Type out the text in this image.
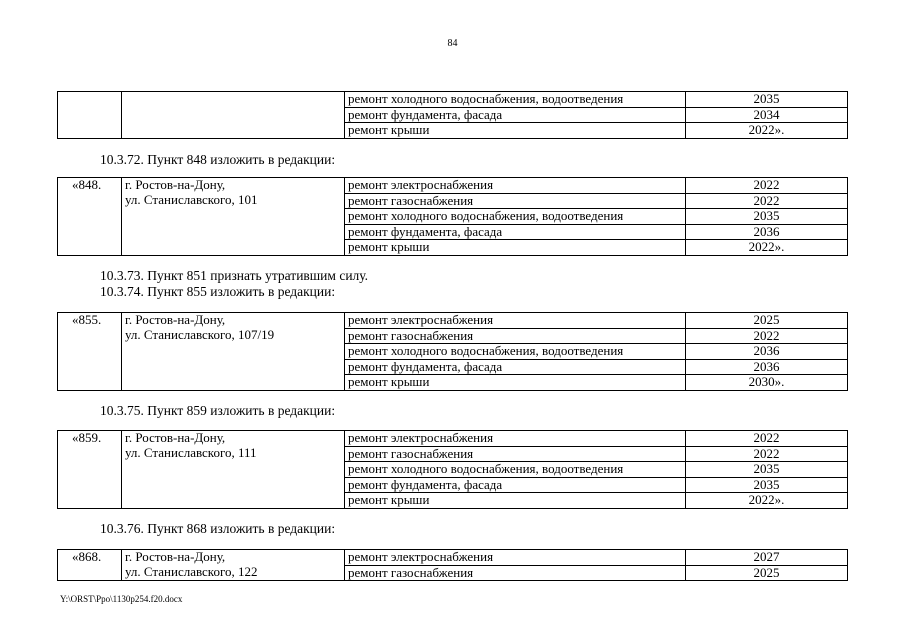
84
		ремонт холодного водоснабжения, водоотведения	2035
		ремонт фундамента, фасада	2034
		ремонт крыши	2022».
10.3.72. Пункт 848 изложить в редакции:
«848.	г. Ростов-на-Дону,
ул. Станиславского, 101	ремонт электроснабжения	2022
		ремонт газоснабжения	2022
		ремонт холодного водоснабжения, водоотведения	2035
		ремонт фундамента, фасада	2036
		ремонт крыши	2022».
10.3.73. Пункт 851 признать утратившим силу.
10.3.74. Пункт 855 изложить в редакции:
«855.	г. Ростов-на-Дону,
ул. Станиславского, 107/19	ремонт электроснабжения	2025
		ремонт газоснабжения	2022
		ремонт холодного водоснабжения, водоотведения	2036
		ремонт фундамента, фасада	2036
		ремонт крыши	2030».
10.3.75. Пункт 859 изложить в редакции:
«859.	г. Ростов-на-Дону,
ул. Станиславского, 111	ремонт электроснабжения	2022
		ремонт газоснабжения	2022
		ремонт холодного водоснабжения, водоотведения	2035
		ремонт фундамента, фасада	2035
		ремонт крыши	2022».
10.3.76. Пункт 868 изложить в редакции:
«868.	г. Ростов-на-Дону,
ул. Станиславского, 122	ремонт электроснабжения	2027
		ремонт газоснабжения	2025
Y:\ORST\Ppo\1130p254.f20.docx
